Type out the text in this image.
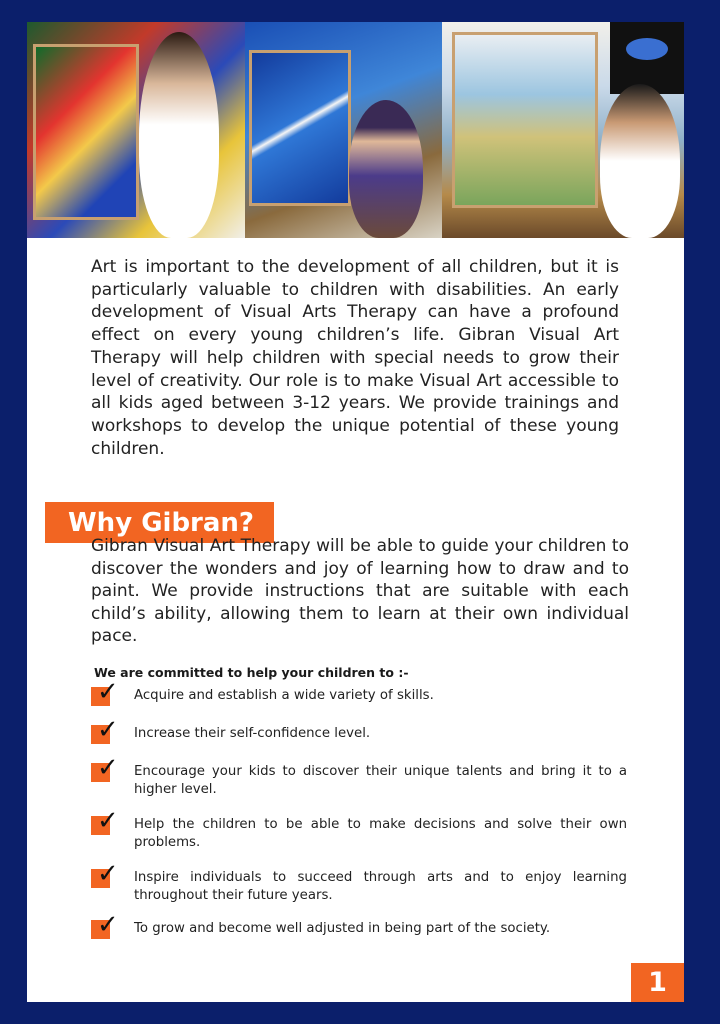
Art is important to the development of all children, but it is particularly valuable to children with disabilities. An early development of Visual Arts Therapy can have a profound effect on every young children’s life. Gibran Visual Art Therapy will help children with special needs to grow their level of creativity. Our role is to make Visual Art accessible to all kids aged between 3-12 years. We provide trainings and workshops to develop the unique potential of these young children.

Why Gibran?

Gibran Visual Art Therapy will be able to guide your children to discover the wonders and joy of learning how to draw and to paint. We provide instructions that are suitable with each child’s ability, allowing them to learn at their own individual pace.

We are committed to help your children to :-

✓ Acquire and establish a wide variety of skills.
✓ Increase their self-confidence level.
✓ Encourage your kids to discover their unique talents and bring it to a higher level.
✓ Help the children to be able to make decisions and solve their own problems.
✓ Inspire individuals to succeed through arts and to enjoy learning throughout their future years.
✓ To grow and become well adjusted in being part of the society.
1
